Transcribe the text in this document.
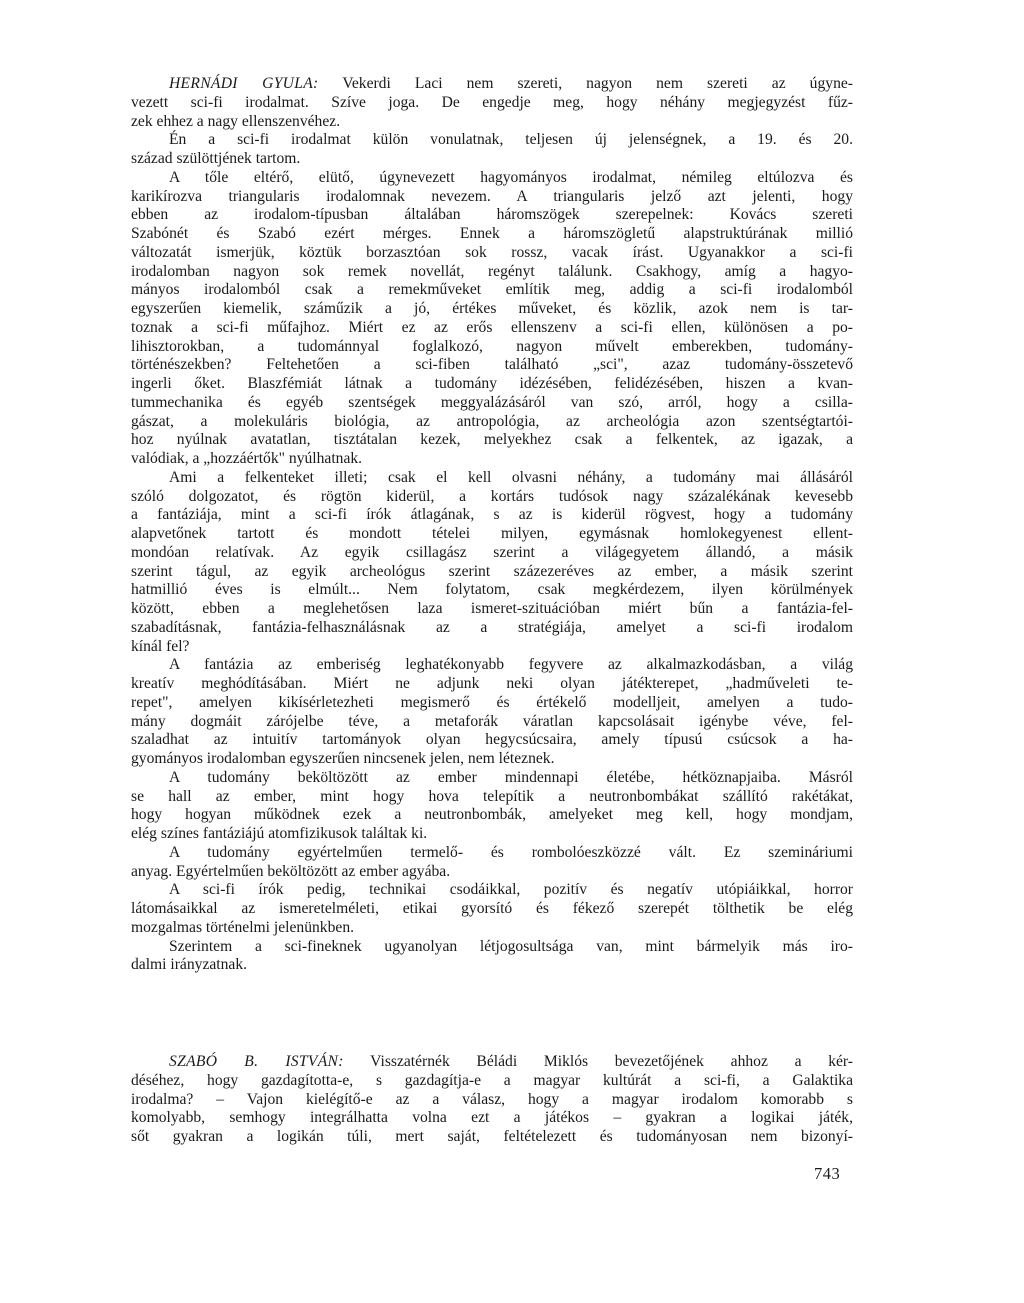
HERNÁDI GYULA: Vekerdi Laci nem szereti, nagyon nem szereti az úgyne-
vezett sci-fi irodalmat. Szíve joga. De engedje meg, hogy néhány megjegyzést fűz-
zek ehhez a nagy ellenszenvéhez.
Én a sci-fi irodalmat külön vonulatnak, teljesen új jelenségnek, a 19. és 20.
század szülöttjének tartom.
A tőle eltérő, elütő, úgynevezett hagyományos irodalmat, némileg eltúlozva és
karikírozva triangularis irodalomnak nevezem. A triangularis jelző azt jelenti, hogy
ebben az irodalom-típusban általában háromszögek szerepelnek: Kovács szereti
Szabónét és Szabó ezért mérges. Ennek a háromszögletű alapstruktúrának millió
változatát ismerjük, köztük borzasztóan sok rossz, vacak írást. Ugyanakkor a sci-fi
irodalomban nagyon sok remek novellát, regényt találunk. Csakhogy, amíg a hagyo-
mányos irodalomból csak a remekműveket említik meg, addig a sci-fi irodalomból
egyszerűen kiemelik, száműzik a jó, értékes műveket, és közlik, azok nem is tar-
toznak a sci-fi műfajhoz. Miért ez az erős ellenszenv a sci-fi ellen, különösen a po-
lihisztorokban, a tudománnyal foglalkozó, nagyon művelt emberekben, tudomány-
történészekben? Feltehetően a sci-fiben található „sci", azaz tudomány-összetevő
ingerli őket. Blaszfémiát látnak a tudomány idézésében, felidézésében, hiszen a kvan-
tummechanika és egyéb szentségek meggyalázásáról van szó, arról, hogy a csilla-
gászat, a molekuláris biológia, az antropológia, az archeológia azon szentségtartói-
hoz nyúlnak avatatlan, tisztátalan kezek, melyekhez csak a felkentek, az igazak, a
valódiak, a „hozzáértők" nyúlhatnak.
Ami a felkenteket illeti; csak el kell olvasni néhány, a tudomány mai állásáról
szóló dolgozatot, és rögtön kiderül, a kortárs tudósok nagy százalékának kevesebb
a fantáziája, mint a sci-fi írók átlagának, s az is kiderül rögvest, hogy a tudomány
alapvetőnek tartott és mondott tételei milyen, egymásnak homlokegyenest ellent-
mondóan relatívak. Az egyik csillagász szerint a világegyetem állandó, a másik
szerint tágul, az egyik archeológus szerint százezeréves az ember, a másik szerint
hatmillió éves is elmúlt... Nem folytatom, csak megkérdezem, ilyen körülmények
között, ebben a meglehetősen laza ismeret-szituációban miért bűn a fantázia-fel-
szabadításnak, fantázia-felhasználásnak az a stratégiája, amelyet a sci-fi irodalom
kínál fel?
A fantázia az emberiség leghatékonyabb fegyvere az alkalmazkodásban, a világ
kreatív meghódításában. Miért ne adjunk neki olyan játékterepet, „hadműveleti te-
repet", amelyen kikísérletezheti megismerő és értékelő modelljeit, amelyen a tudo-
mány dogmáit zárójelbe téve, a metaforák váratlan kapcsolásait igénybe véve, fel-
szaladhat az intuitív tartományok olyan hegycsúcsaira, amely típusú csúcsok a ha-
gyományos irodalomban egyszerűen nincsenek jelen, nem léteznek.
A tudomány beköltözött az ember mindennapi életébe, hétköznapjaiba. Másról
se hall az ember, mint hogy hova telepítik a neutronbombákat szállító rakétákat,
hogy hogyan működnek ezek a neutronbombák, amelyeket meg kell, hogy mondjam,
elég színes fantáziájú atomfizikusok találtak ki.
A tudomány egyértelműen termelő- és rombolóeszközzé vált. Ez szemináriumi
anyag. Egyértelműen beköltözött az ember agyába.
A sci-fi írók pedig, technikai csodáikkal, pozitív és negatív utópiáikkal, horror
látomásaikkal az ismeretelméleti, etikai gyorsító és fékező szerepét tölthetik be elég
mozgalmas történelmi jelenünkben.
Szerintem a sci-fineknek ugyanolyan létjogosultsága van, mint bármelyik más iro-
dalmi irányzatnak.
SZABÓ B. ISTVÁN: Visszatérnék Béládi Miklós bevezetőjének ahhoz a kér-
déséhez, hogy gazdagította-e, s gazdagítja-e a magyar kultúrát a sci-fi, a Galaktika
irodalma? – Vajon kielégítő-e az a válasz, hogy a magyar irodalom komorabb s
komolyabb, semhogy integrálhatta volna ezt a játékos – gyakran a logikai játék,
sőt gyakran a logikán túli, mert saját, feltételezett és tudományosan nem bizonyí-
743
